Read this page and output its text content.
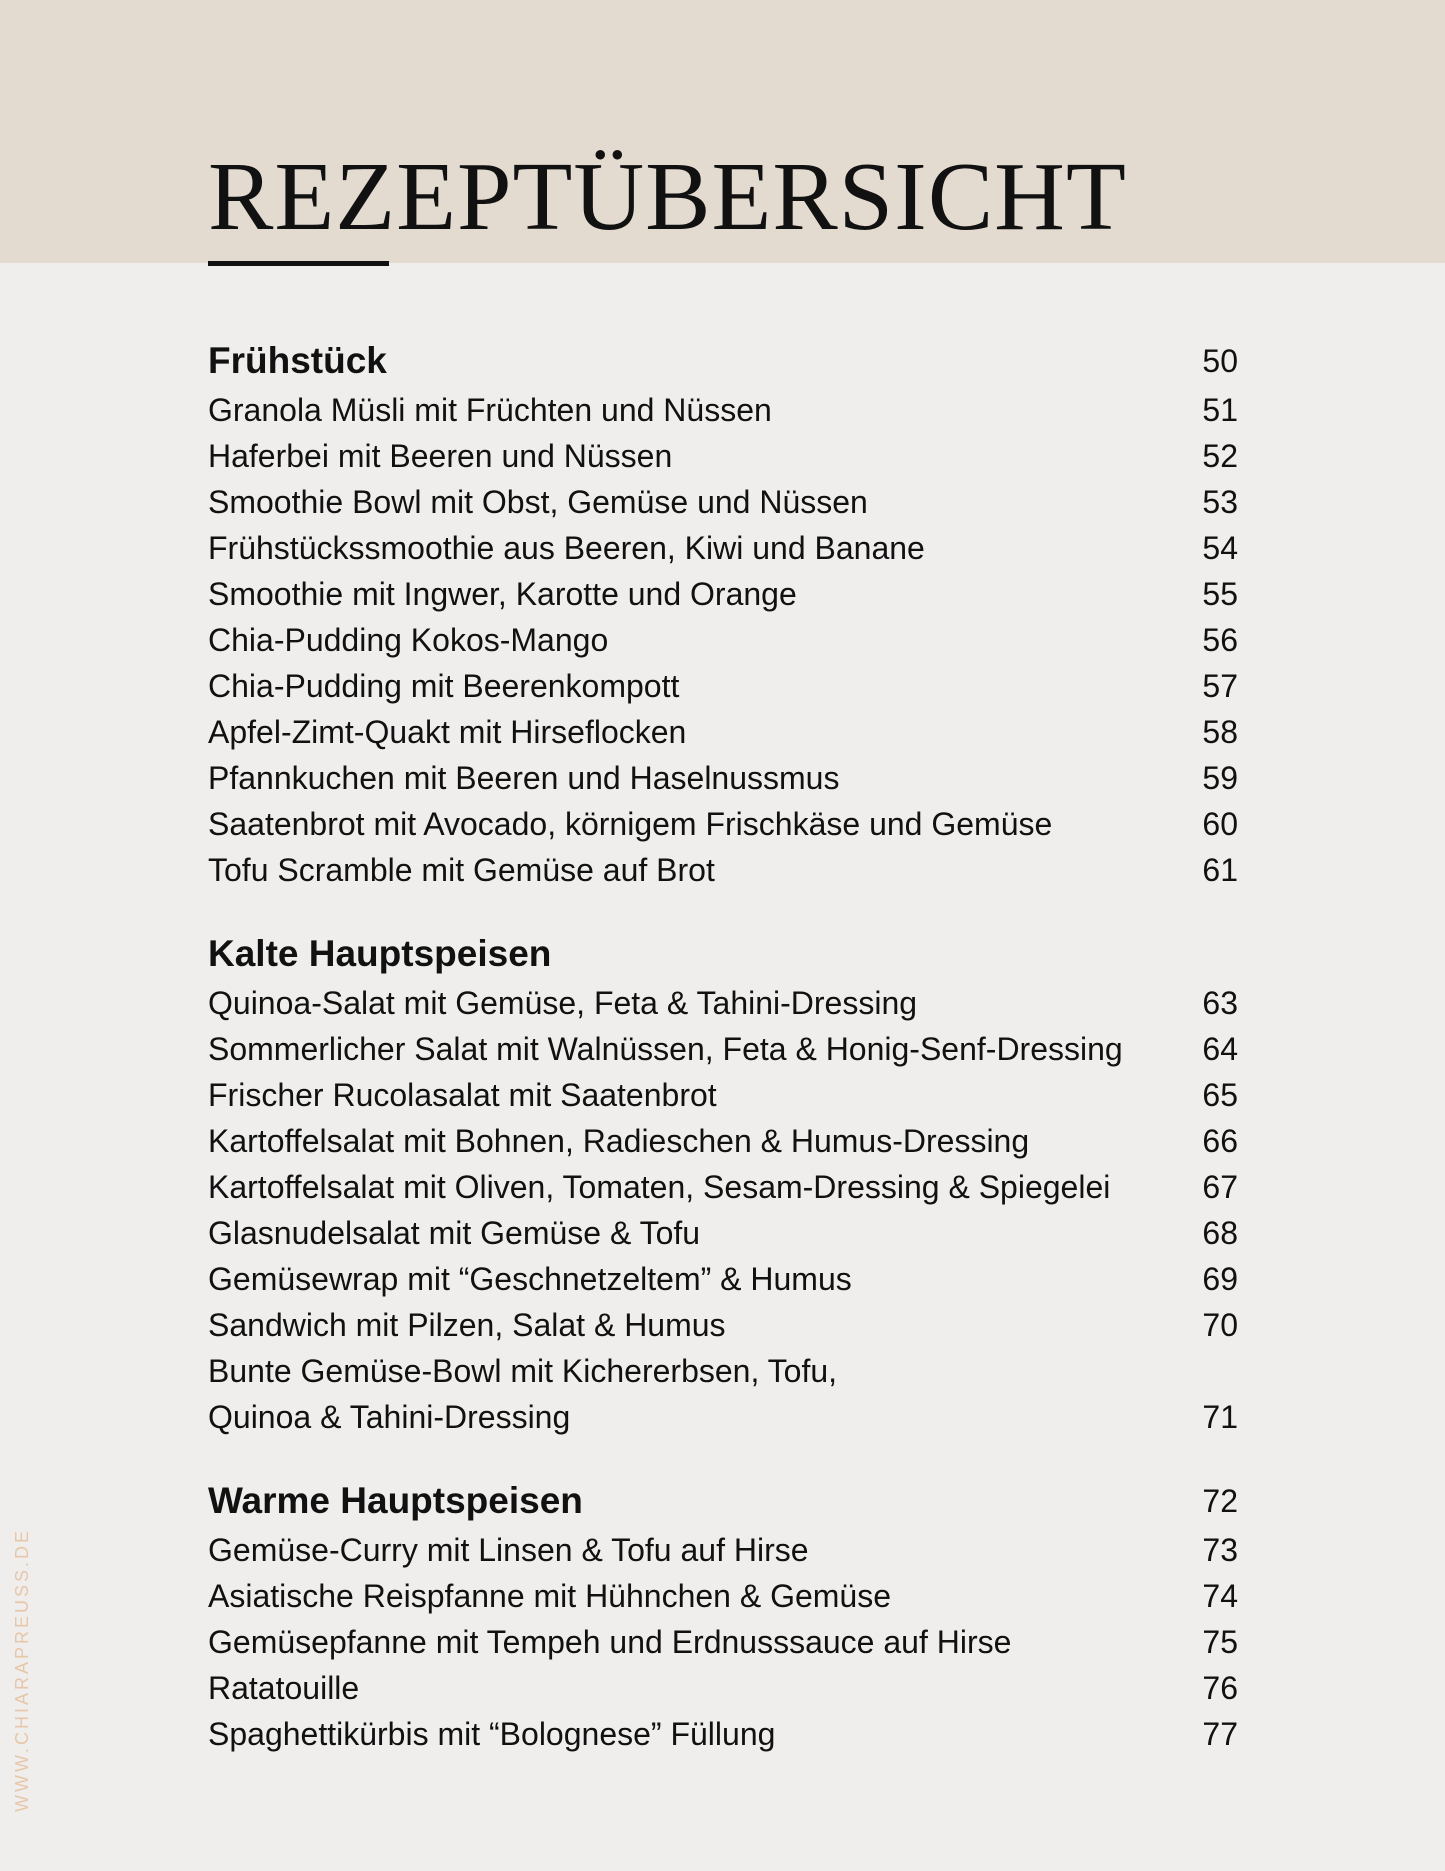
REZEPTÜBERSICHT
Frühstück	50
Granola Müsli mit Früchten und Nüssen	51
Haferbei mit Beeren und Nüssen	52
Smoothie Bowl mit Obst, Gemüse und Nüssen	53
Frühstückssmoothie aus Beeren, Kiwi und Banane	54
Smoothie mit Ingwer, Karotte und Orange	55
Chia-Pudding Kokos-Mango	56
Chia-Pudding mit Beerenkompott	57
Apfel-Zimt-Quakt mit Hirseflocken	58
Pfannkuchen mit Beeren und Haselnussmus	59
Saatenbrot mit Avocado, körnigem Frischkäse und Gemüse	60
Tofu Scramble mit Gemüse auf Brot	61
Kalte Hauptspeisen
Quinoa-Salat mit Gemüse, Feta & Tahini-Dressing	63
Sommerlicher Salat mit Walnüssen, Feta & Honig-Senf-Dressing	64
Frischer Rucolasalat mit Saatenbrot	65
Kartoffelsalat mit Bohnen, Radieschen & Humus-Dressing	66
Kartoffelsalat mit Oliven, Tomaten, Sesam-Dressing & Spiegelei	67
Glasnudelsalat mit Gemüse & Tofu	68
Gemüsewrap mit “Geschnetzeltem” & Humus	69
Sandwich mit Pilzen, Salat & Humus	70
Bunte Gemüse-Bowl mit Kichererbsen, Tofu,
Quinoa & Tahini-Dressing	71
Warme Hauptspeisen	72
Gemüse-Curry mit Linsen & Tofu auf Hirse	73
Asiatische Reispfanne mit Hühnchen & Gemüse	74
Gemüsepfanne mit Tempeh und Erdnusssauce auf Hirse	75
Ratatouille	76
Spaghettikürbis mit “Bolognese” Füllung	77
WWW.CHIARAPREUSS.DE
